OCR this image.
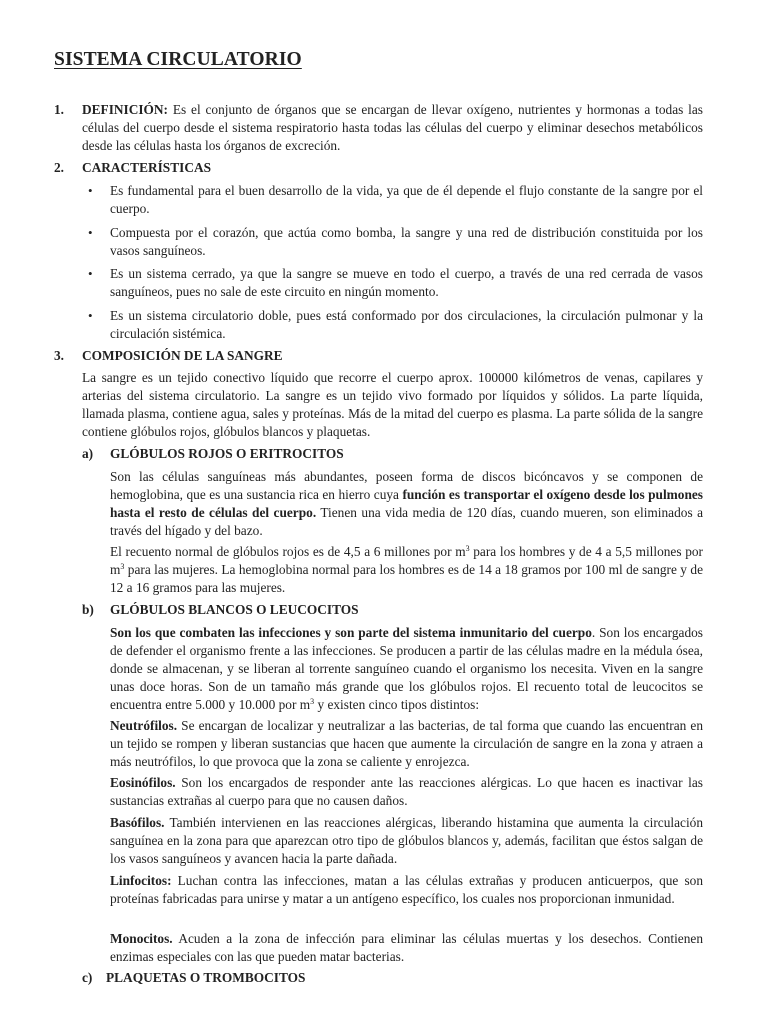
SISTEMA CIRCULATORIO
1. DEFINICIÓN: Es el conjunto de órganos que se encargan de llevar oxígeno, nutrientes y hormonas a todas las células del cuerpo desde el sistema respiratorio hasta todas las células del cuerpo y eliminar desechos metabólicos desde las células hasta los órganos de excreción.
2. CARACTERÍSTICAS
• Es fundamental para el buen desarrollo de la vida, ya que de él depende el flujo constante de la sangre por el cuerpo.
• Compuesta por el corazón, que actúa como bomba, la sangre y una red de distribución constituida por los vasos sanguíneos.
• Es un sistema cerrado, ya que la sangre se mueve en todo el cuerpo, a través de una red cerrada de vasos sanguíneos, pues no sale de este circuito en ningún momento.
• Es un sistema circulatorio doble, pues está conformado por dos circulaciones, la circulación pulmonar y la circulación sistémica.
3. COMPOSICIÓN DE LA SANGRE
La sangre es un tejido conectivo líquido que recorre el cuerpo aprox. 100000 kilómetros de venas, capilares y arterias del sistema circulatorio. La sangre es un tejido vivo formado por líquidos y sólidos. La parte líquida, llamada plasma, contiene agua, sales y proteínas. Más de la mitad del cuerpo es plasma. La parte sólida de la sangre contiene glóbulos rojos, glóbulos blancos y plaquetas.
a) GLÓBULOS ROJOS O ERITROCITOS
Son las células sanguíneas más abundantes, poseen forma de discos bicóncavos y se componen de hemoglobina, que es una sustancia rica en hierro cuya función es transportar el oxígeno desde los pulmones hasta el resto de células del cuerpo. Tienen una vida media de 120 días, cuando mueren, son eliminados a través del hígado y del bazo.
El recuento normal de glóbulos rojos es de 4,5 a 6 millones por $m^3$ para los hombres y de 4 a 5,5 millones por $m^3$ para las mujeres. La hemoglobina normal para los hombres es de 14 a 18 gramos por 100 ml de sangre y de 12 a 16 gramos para las mujeres.
b) GLÓBULOS BLANCOS O LEUCOCITOS
Son los que combaten las infecciones y son parte del sistema inmunitario del cuerpo. Son los encargados de defender el organismo frente a las infecciones. Se producen a partir de las células madre en la médula ósea, donde se almacenan, y se liberan al torrente sanguíneo cuando el organismo los necesita. Viven en la sangre unas doce horas. Son de un tamaño más grande que los glóbulos rojos. El recuento total de leucocitos se encuentra entre 5.000 y 10.000 por $m^3$ y existen cinco tipos distintos:
Neutrófilos. Se encargan de localizar y neutralizar a las bacterias, de tal forma que cuando las encuentran en un tejido se rompen y liberan sustancias que hacen que aumente la circulación de sangre en la zona y atraen a más neutrófilos, lo que provoca que la zona se caliente y enrojezca.
Eosinófilos. Son los encargados de responder ante las reacciones alérgicas. Lo que hacen es inactivar las sustancias extrañas al cuerpo para que no causen daños.
Basófilos. También intervienen en las reacciones alérgicas, liberando histamina que aumenta la circulación sanguínea en la zona para que aparezcan otro tipo de glóbulos blancos y, además, facilitan que éstos salgan de los vasos sanguíneos y avancen hacia la parte dañada.
Linfocitos: Luchan contra las infecciones, matan a las células extrañas y producen anticuerpos, que son proteínas fabricadas para unirse y matar a un antígeno específico, los cuales nos proporcionan inmunidad.
Monocitos. Acuden a la zona de infección para eliminar las células muertas y los desechos. Contienen enzimas especiales con las que pueden matar bacterias.
c) PLAQUETAS O TROMBOCITOS
